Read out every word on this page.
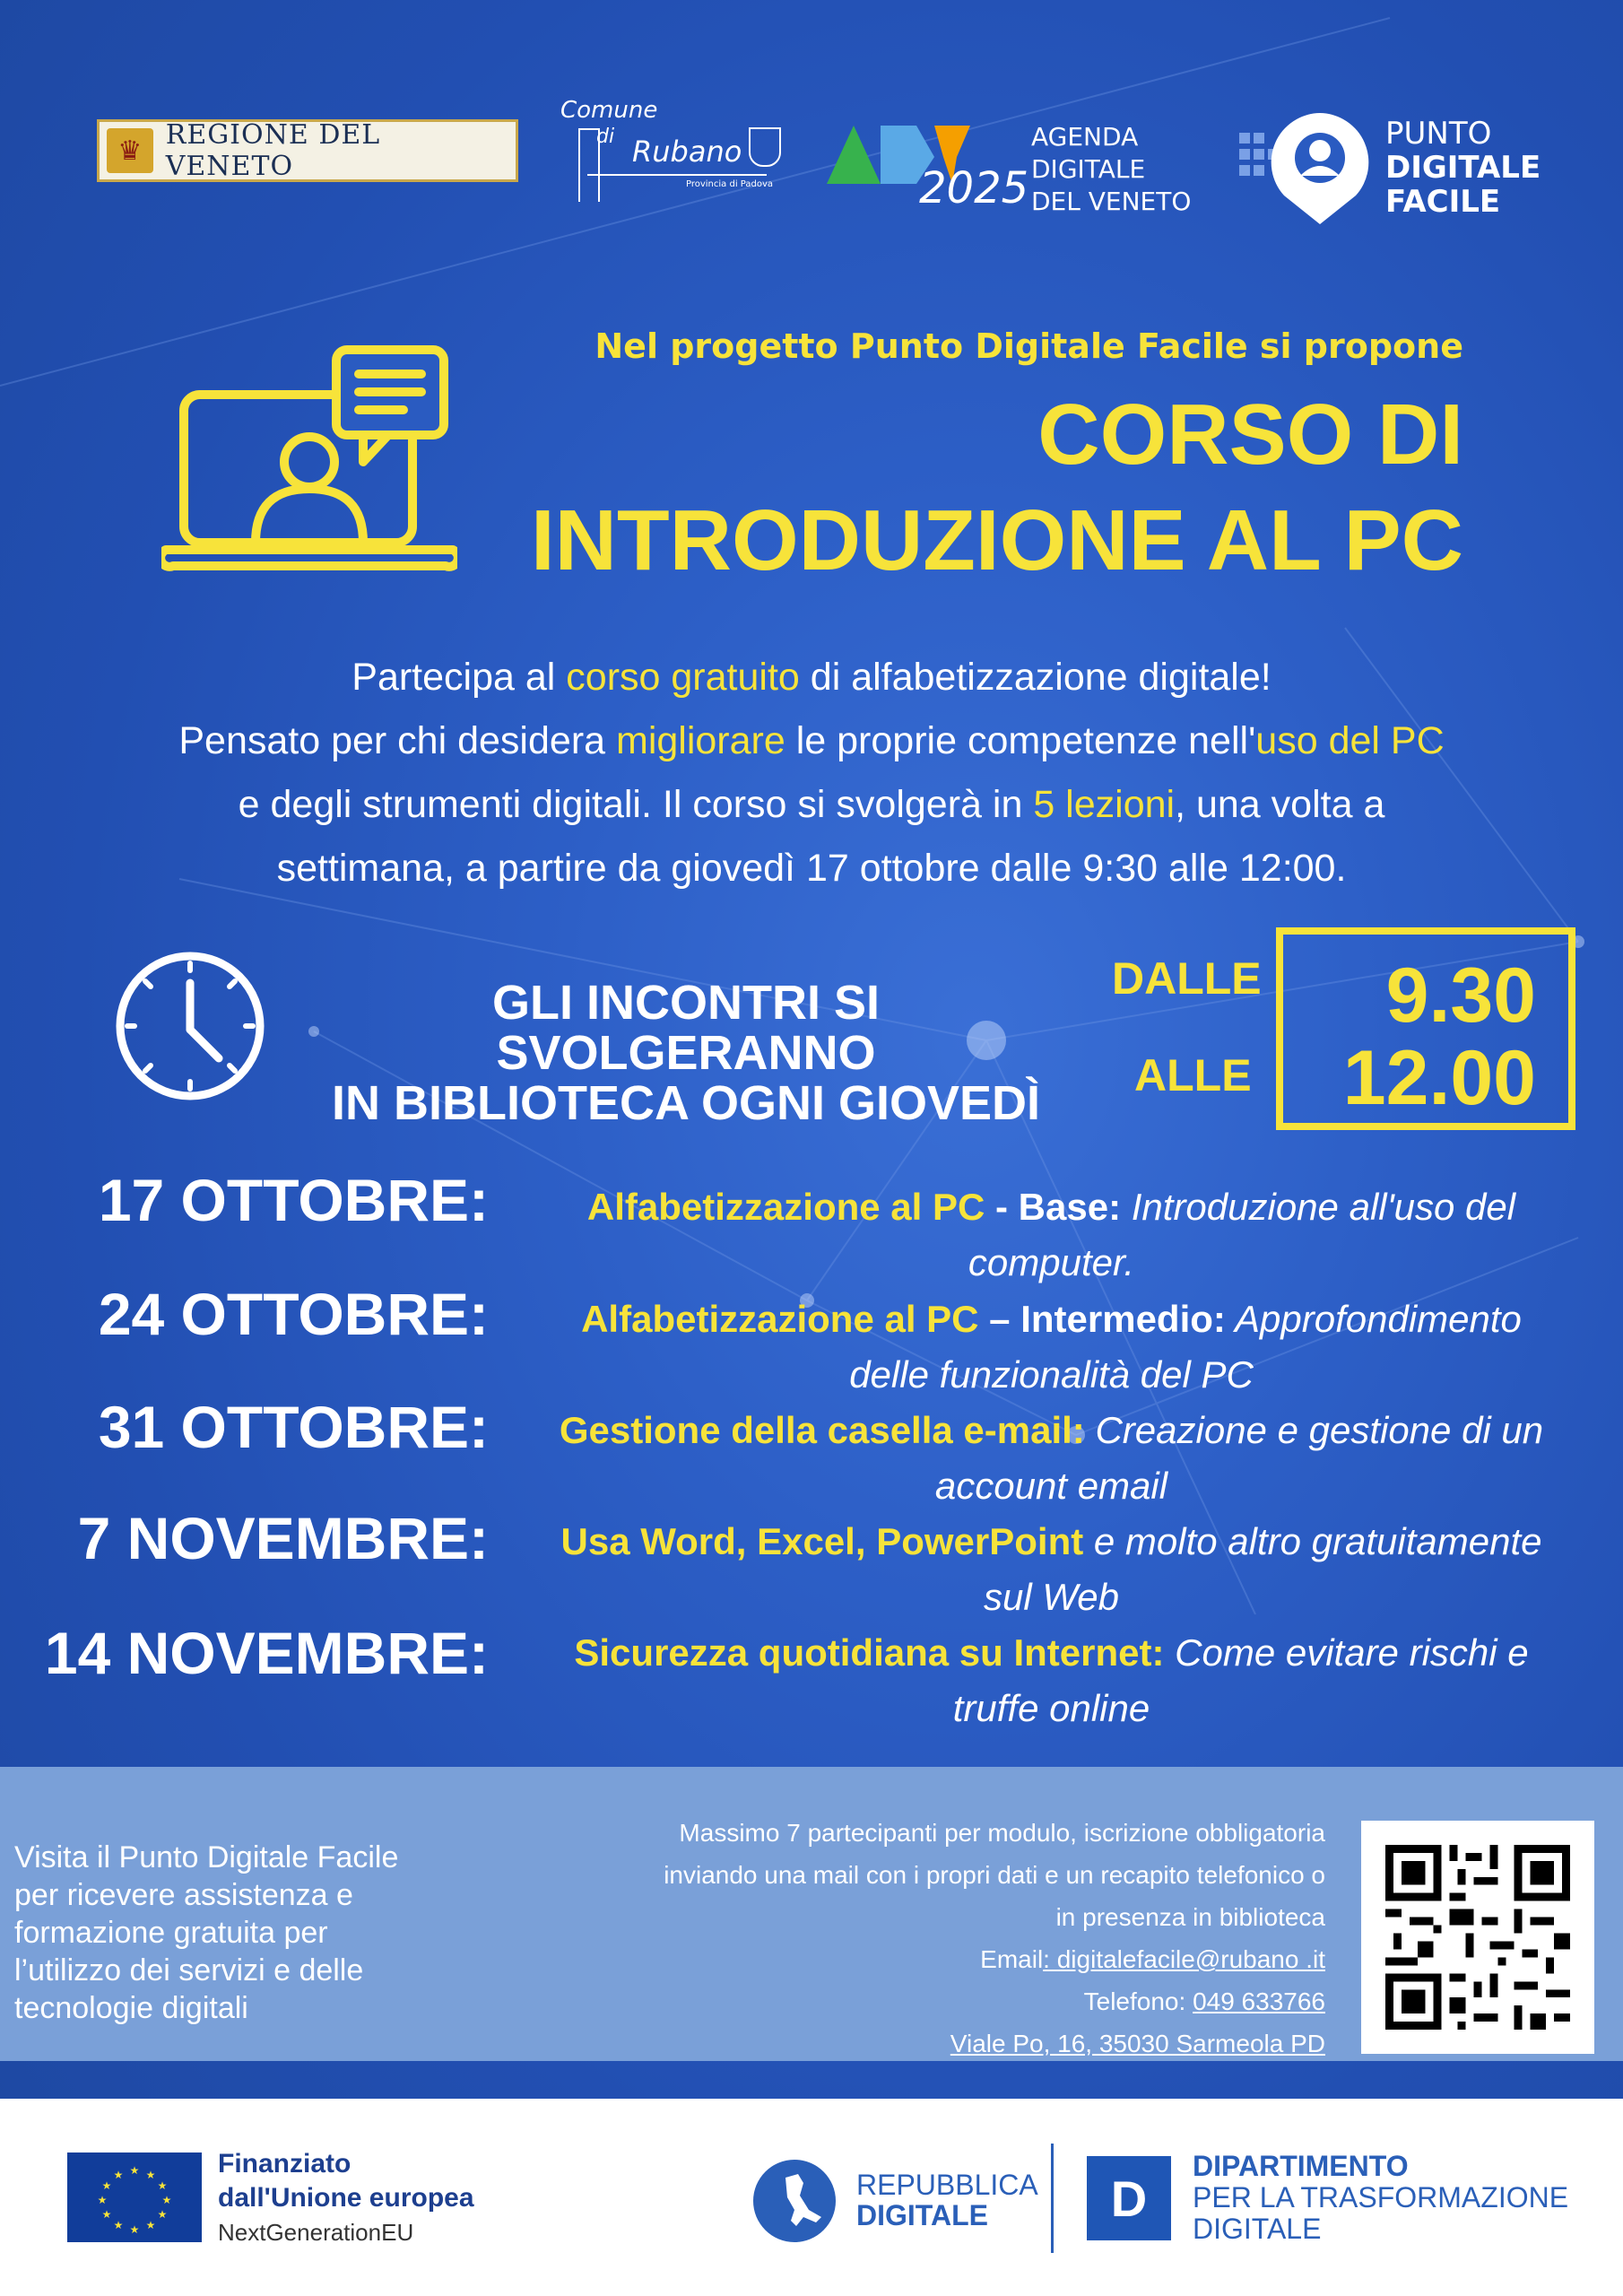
♛ REGIONE DEL VENETO
Comune
di Rubano
Provincia di Padova	2025
AGENDA
DIGITALE
DEL VENETO
PUNTO
DIGITALE
FACILE
Nel progetto Punto Digitale Facile si propone
CORSO DI
INTRODUZIONE AL PC
Partecipa al corso gratuito di alfabetizzazione digitale!
Pensato per chi desidera migliorare le proprie competenze nell'uso del PC
e degli strumenti digitali. Il corso si svolgerà in 5 lezioni, una volta a
settimana, a partire da giovedì 17 ottobre dalle 9:30 alle 12:00.
GLI INCONTRI SI SVOLGERANNO
IN BIBLIOTECA OGNI GIOVEDÌ
DALLE
ALLE
9.30
12.00
17 OTTOBRE:	Alfabetizzazione al PC - Base: Introduzione all'uso del
computer.
24 OTTOBRE:	Alfabetizzazione al PC – Intermedio: Approfondimento
delle funzionalità del PC
31 OTTOBRE:	Gestione della casella e-mail: Creazione e gestione di un
account email
7 NOVEMBRE:	Usa Word, Excel, PowerPoint e molto altro gratuitamente
sul Web
14 NOVEMBRE:	Sicurezza quotidiana su Internet: Come evitare rischi e
truffe online
Visita il Punto Digitale Facile
per ricevere assistenza e
formazione gratuita per
l’utilizzo dei servizi e delle
tecnologie digitali
Massimo 7 partecipanti per modulo, iscrizione obbligatoria
inviando una mail con i propri dati e un recapito telefonico o
in presenza in biblioteca
Email: digitalefacile@rubano .it
Telefono: 049 633766
Viale Po, 16, 35030 Sarmeola PD
★ ★
★
★
★
★
★
★
★
★
★
★	Finanziato
dall'Unione europea
NextGenerationEU
REPUBBLICA
DIGITALE D
DIPARTIMENTO
PER LA TRASFORMAZIONE
DIGITALE
